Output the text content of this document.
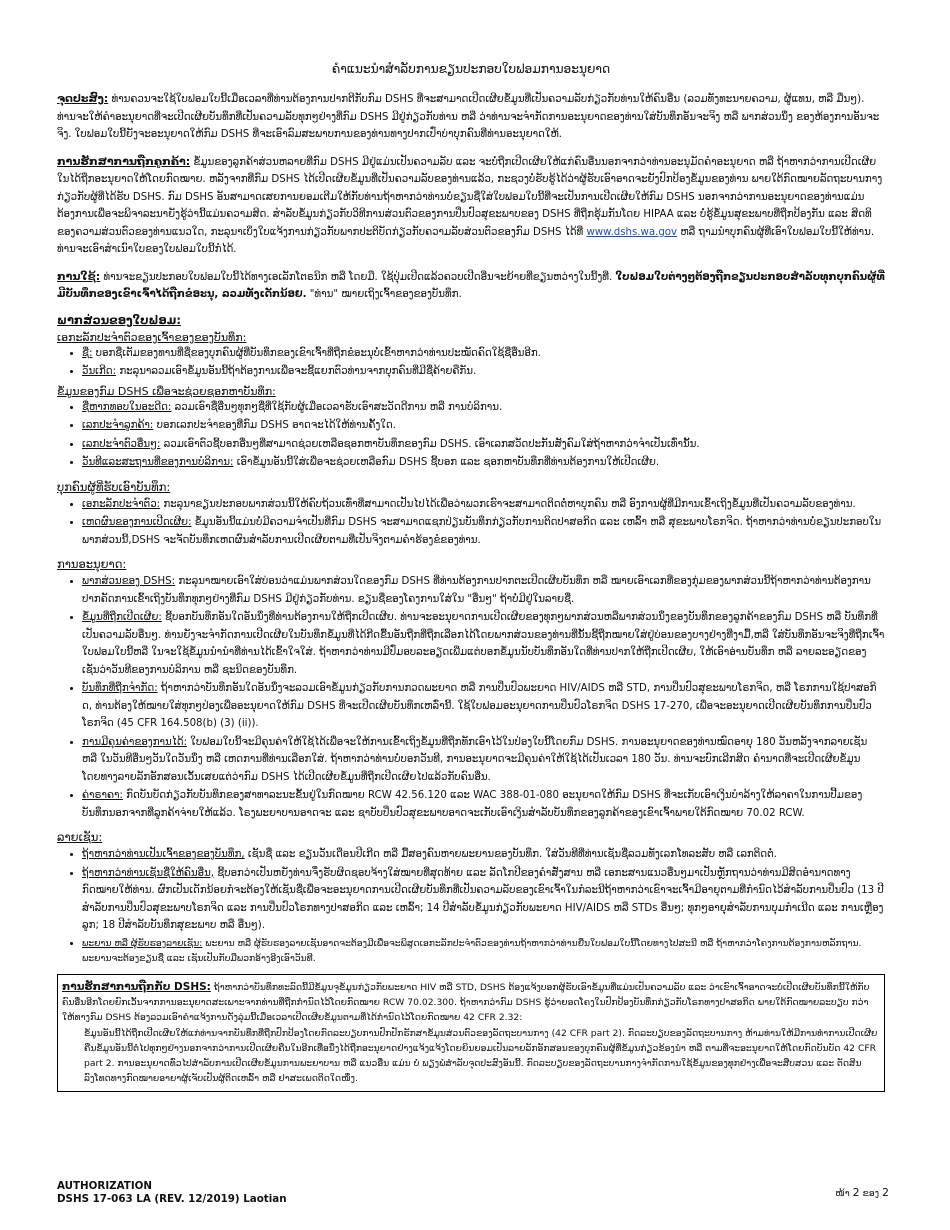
ຄຳແນະນຳສຳລັບການຂຽນປະກອບໃບຟອມການອະນຸຍາດ

ຈຸດປະສົງ: ທ່ານຄວນຈະໃຊ້ໃບຟອມໃບນີ້ເມື່ອເວລາທີ່ທ່ານຕ້ອງການປາກຕີກັບກົມ DSHS ທີ່ຈະສາມາດເປີດເຜີຍຂໍ້ມູນທີ່ເປັນຄວາມລັບກ່ຽວກັບທ່ານໃຫ້ຄົນອື່ນ (ລວມທັງທະນາຍຄວາມ, ຜູ້ແທນ, ຫລື ມື່ນໆ). ທ່ານຈະໃຫ້ຄຳອະນຸຍາດທີ່ຈະເປີດເຜີຍບັນທຶກທີ່ເປັນຄວາມລັບທຸກໆຢ່າງທີ່ກົມ DSHS ມີຢູ່ກ່ຽວກັບທ່ານ ຫລື ວ່າທ່ານຈະຈຳກັດການອະນຸຍາດຂອງທ່ານໃສ່ບັນທຶກອັນຈະຈິງ ຫລື ພາກສ່ວນນຶ່ງ ຂອງຫ້ອງການອັນຈະຈິງ. ໃບຟອມໃບນີ້ຍັງຈະອະນຸຍາດໃຫ້ກົມ DSHS ທີ່ຈະເອົາລົມສະພາບການຂອງທ່ານທາງປາກເປົ່າບ່າບຸກຄົນທີ່ທ່ານອະນຸຍາດໃຫ້.

ການຮັກສາການຖືກຄູກຄ້າ: ຂໍ້ມູນຂອງລູກຄ້າສ່ວນຫລາຍທີ່ກົມ DSHS ມີຢູ່ແມ່ນເປັນຄວາມລັບ ແລະ ຈະບໍ່ຖືກເປີດເຜີຍໃຫ້ແກ່ຄົນອື່ນນອກຈາກວ່າທ່ານອະນຸມັດຄຳອະນຸຍາດ ຫລື ຖ້າຫາກວ່າການເປີດເຜີຍໃນໄດ້ຖືກອະນຸຍາດໃຫ້ໂດຍກົດໝາຍ. ຫລັງຈາກທີ່ກົມ DSHS ໄດ້ເປີດເຜີຍຂໍ້ມູນທີ່ເປັນຄວາມລັບຂອງທ່ານແລ້ວ, ກະຊວງບໍ່ຮັບຮູ້ໄດ້ວ່າຜູ້ຮັບເອົາອາດຈະຍັງປົກປ້ອງຂໍ້ມູນຂອງທ່ານ ພາຍໃຕ້ກົດໝາຍລັດຖະບານກາງກ່ຽວກັບຜູ້ທີ່ໄດ້ຮັບ DSHS. ກົມ DSHS ອັນສາມາດເສຍການຍອມເຕີມໃຫ້ກັບທ່ານຖ້າຫາກວ່າທ່ານບໍ່ຂຽນຊື່ໃສ່ໃບຟອມໃບນີ້ທີ່ຈະເປັນການເປີດເຜີຍໃຫ້ກົມ DSHS ນອກຈາກວ່າການອະນຸຍາດຂອງທ່ານແມ່ນຕ້ອງການເພື່ອຈະພິຈາລະນາຍັງຮູ້ວ່ານີ້ແມ່ນຄວາມສິດ. ສຳລັບຂໍ້ມູນກ່ຽວກັບວິທີການສ່ວນຕົວຂອງການປິ່ນປົວສຸຂະພາບຂອງ DSHS ທີ່ຖືກຮຸ້ມກັນໂດຍ HIPAA ແລະ ບໍ່ຮູ້ຂໍ້ມູນສຸຂະພາບທີ່ຖືກປ້ອງກັນ ແລະ ສິດທິຂອງຄວາມສ່ວນຕົວຂອງທ່ານແນວໃດ, ກະລຸນາເບິ່ງໃບແຈ້ງການກ່ຽວກັບພາກປະຕິບັດກ່ຽວກັບຄວາມລັບສ່ວນຕົວຂອງກົມ DSHS ໄດ້ທີ່ www.dshs.wa.gov ຫລື ຖາມນຳບຸກຄົນຜູ້ທີ່ເອົາໃບຟອມໃບນີ້ໃຫ້ທ່ານ. ທ່ານຈະເອົາສຳເນົາໃບຂອງໃບຟອມໃບນີ້ກໍໄດ້.

ການໃຊ້: ທ່ານຈະຂຽນປະກອບໃບຟອມໃບນີ້ໄດ້ທາງເອເລັກໂຕຣນິກ ຫລື ໂດຍມື. ໃຊ້ປຸ່ມເປີດແລ້ວຄວບເປີດອີ່ນຈະຍ້າຍທີ່ຂຽນຫວ່າງໃນນີ້ງທີ່. ໃບຟອມໃບຕ່າງໆຕ້ອງຖືກຂຽນປະກອບສຳລັບທຸກບຸກຄົນຜູ້ທີ່ມີບັນທຶກຂອງເຂົາເຈົ້າໄດ້ຖືກຂໍອະນຸ, ລວມທັງເດັກນ້ອຍ. "ທ່ານ" ໝາຍເຖິງເຈົ້າຂອງຂອງບັນທຶກ.

ພາກສ່ວນຂອງໃບຟອມ:
ເອກະລັກປະຈຳຕົວຂອງເຈົ້າຂອງຂອງບັນທຶກ:
• ຊື່: ບອກຊື່ເຕັມຂອງທານທີ່ຊື່ຂອງບຸກຄົນຜູ້ທີ່ບັນທຶກຂອງເຂົາເຈົ້າທີ່ຖືກຂໍອະນຸບໍ່ເຂົ້າຫາກວ່າທ່ານປະໝັດຄົດໃຊ້ຊື່ອື່ນອີກ.
• ວັນເກີດ: ກະລຸນາລວມເອົາຂໍ້ມູນອັນນີ້ຖ້າຕ້ອງການເພື່ອຈະຊີ້ແຍກຕົວທ່ານຈາກບຸກຄົນທີ່ມີຊື່ຄ້າຍຄືກັນ.
ຂໍ້ມູນຂອງກົມ DSHS ເພື່ອຈະຊ່ວຍຊອກຫາບັນທຶກ:
• ຊື່ຫາກທອບໃນອະດີດ: ລວມເອົາຊື່ອື່ນໆທຸກໆຊື່ທີ່ໃຊ້ກັບຜູ້ເມື່ອເວລາຮັບເອົາສະວັດດີການ ຫລື ການບໍລິການ.
• ເລກປະຈຳລູກຄ້າ: ບອກເລກປະຈຳຂອງທີ່ກົມ DSHS ອາດຈະໄດ້ໃຫ້ທ່ານຄັ້ງໃດ.
• ເລກປະຈຳຕົວອື່ນໆ: ລວມເອົາຕົວຊີ້ບອກອື່ນໆທີ່ສາມາດຊ່ວຍເຫລືອຊອກຫາບັນທຶກຂອງກົມ DSHS. ເອົາເລກສວັດປະກັນສັງຄົມໃສ່ຖ້າຫາກວ່າຈຳເປັນເທົ່ານັ້ນ.
• ວັນທີແລະສະຖານທີ່ຂອງການບໍລິການ: ເອົາຂໍ້ມູນອັນນີ້ໃສ່ເພື່ອຈະຊ່ວຍເຫລືອກົມ DSHS ຊີ້ບອກ ແລະ ຊອກຫາບັນທຶກທີ່ທ່ານຕ້ອງການໃຫ້ເປີດເຜີຍ.
ບຸກຄົນຜູ້ທີ່ຮັບເອົາບັນທຶກ:
• ເອກະລັກປະຈຳຕົວ: ກະລຸນາຂຽນປະກອບພາກສ່ວນນີ້ໃຫ້ຄົບຖ້ວນເທົ່າທີ່ສາມາດເປັນໄປໄດ້ເພື່ອວ່າພວກເຮົາຈະສາມາດຕິດຕໍ່ຫາບຸກຄົນ ຫລື ອົງການຜູ້ທີ່ມີການເຂົ້າເຖິງຂໍ້ມູນທີ່ເປັນຄວາມລັບຂອງທ່ານ.
• ເຫດຜົນຂອງການເປີດເຜີຍ: ຂໍ້ມູນອັນນີ້ແມ່ນບໍ່ມີຄວາມຈຳເປັນທີ່ກົມ DSHS ຈະສາມາດແຊກປ່ຽນບັນທຶກກ່ຽວກັບການຕິດປາສອກິດ ແລະ ເຫລົ້າ ຫລື ສຸຂະພາບໂຣກຈິດ. ຖ້າຫາກວ່າທ່ານບໍ່ຂຽນປະກອບໃນພາກສ່ວນນີ້,DSHS ຈະຈັດບັນທຶກເຫດຜົນສຳລັບການເປີດເຜີຍຕາມທີ່ເປັນຈິງຕາມຄຳຮ້ອງຂໍຂອງທ່ານ.
ການອະນຸຍາດ:
• ພາກສ່ວນຂອງ DSHS: ກະລຸນາໝາຍເອົາໃສ່ບ່ອນວ່າແມ່ນພາກສ່ວນໃດຂອງກົມ DSHS ທີ່ທ່ານຕ້ອງການປາກຕະເປີດເຜີຍບັນທຶກ ຫລື ໝາຍເອົາເລກທີ່ຂອງກຸ່ມຂອງພາກສ່ວນນີ້ຖ້າຫາກວ່າທ່ານຕ້ອງການປາກຄັດການເຂົ້າເຖິງບັນທຶກທຸກໆຢ່າງທີ່ກົມ DSHS ມີຢູ່ກ່ຽວກັບທ່ານ. ຂຽນຊື່ຂອງໂຄງການໃສ່ໃນ "ອື່ນໆ" ຖ້າບໍ່ມີຢູ່ໃນລາຍຊື່.
• ຂໍ້ມູນທີ່ຖືກເປີດເຜີຍ: ຊີ້ບອກບັນທຶກອັນໃດອັນນຶ່ງທີ່ທ່ານຕ້ອງການໃຫ້ຖືກເປີດເຜີຍ. ທ່ານຈະອະນຸຍາດການເປີດເຜີຍຂອງທຸກໆພາກສ່ວນຫລືພາກສ່ວນນຶ່ງຂອງບັນທຶກຂອງລູກຄ້າຂອງກົມ DSHS ຫລື ບັນທຶກທີ່ເປັນຄວາມລັບອື່ນໆ. ທ່ານຍັງຈະຈຳກັດການເປີດເຜີຍໃນບັນທຶກຂໍ້ມູນທີ່ໄດ້ກີດຂື້ນອັນຖືກທີ່ຖືກເລືອກໄດ້ໂດຍພາກສ່ວນຂອງທ່ານທີ່ນັ້ນຊີ້ຖືກໝາຍໃສ່ຢູ່ບ່ອນຂອງບາງຢ່າງທີ່ງາມື້,ຫລື ໃສ່ບັນທຶກອັນຈະຈິງທີ່ຖືກເຈົ້າໃບຟອມໃບນີ້ຫລື ໃນຈະໃຊ້ຂໍ້ມູນນຳນຳທີ່ທ່ານໄດ້ເຂົ້າໃຈໃສ່. ຖ້າຫາກວ່າທ່ານມີປົ່ມອບລະອຽດເພີ່ມແຕ່ບອກຂໍ້ມູນນັບບັນທຶກອັນໃດທີ່ທ່ານປາກໃຫ້ຖືກເປີດເຜີຍ, ໃຫ້ເອົາອ່ານບັນທຶກ ຫລື ລາຍລະອຽດຂອງ ເຊັ່ນວ່າວັນທີຂອງການບໍລິການ ຫລື ຊະນິດຂອງບັນທຶກ.
• ບັນທຶກທີ່ຖືກຈຳກັດ: ຖ້າຫາກວ່າບັນທຶກອັນໃດອັນນຶ່ງຈະລວມເອົາຂໍ້ມູນກ່ຽວກັບການກວດພະຍາດ ຫລື ການປິ່ນປົວພະຍາດ HIV/AIDS ຫລື STD, ການປິ່ນປົວສຸຂະພາບໂຣກຈິດ, ຫລື ໂຣກການໃຊ້ປາສອກິດ, ທ່ານຕ້ອງໃຫ້ໝາຍໃສ່ທຸກໆປ່ອງເພື່ອອະນຸຍາດໃຫ້ກົມ DSHS ທີ່ຈະເປີດເຜີຍບັນທຶກເຫລົ່ານີ້. ໃຊ້ໃບຟອມອະນຸຍາດການປິ່ນປົວໂຣກຈິດ DSHS 17-270, ເພື່ອຈະອະນຸຍາດເປີດເຜີຍບັນທຶກການປິ່ນປົວໂຣກຈິດ (45 CFR 164.508(b) (3) (ii)).
• ການມີຄຸນຄ່າຂອງການໄດ້: ໃບຟອມໃບນີ້ຈະມີຄຸນຄ່າໃຫ້ໃຊ້ໄດ້ເພື່ອຈະໃຫ້ການເຂົ້າເຖິງຂໍ້ມູນທີ່ຖືກທັກເອົາໄວ້ໃນປ່ອງໃບນີ້ໂດຍກົມ DSHS. ການອະນຸຍາດຂອງທ່ານໝົດອາຍຸ 180 ວັນຫລັງຈາກລາຍເຊັນ ຫລື ໃນວັນທີອື່ນໆວັນໃດວັນນຶ່ງ ຫລື ເຫດການທີ່ທ່ານເລືອກໃສ່. ຖ້າຫາກວ່າທ່ານບໍ່ບອກວັນທີ, ການອະນຸຍາດຈະມີຄຸນຄ່າໃຫ້ໃຊ້ໄດ້ເປັນເວລາ 180 ວັນ. ທ່ານຈະບົກເລີກສິດ ຄຳນາດທີ່ຈະເປີດເຜີຍຂໍ້ມູນໂດຍທາງລາຍລັກອັກສອນເວັ້ນເສຍແຕ່ວ່າກົມ DSHS ໄດ້ເປີດເຜີຍຂໍ້ມູນທີ່ຖືກເປີດເຜີຍໄປແລ້ວກັບຄົນອື່ນ.
• ຄ່າຣາຄາ: ກົດບັນບັດກ່ຽວກັບບັນທຶກຂອງສາທາລະນະຂັ້ນຢູ່ໃນກົດໝາຍ RCW 42.56.120 ແລະ WAC 388-01-080 ອະນຸຍາດໃຫ້ກົມ DSHS ທີ່ຈະເກັບເອົາເງິນບຳລ້າງໃຫ້ລາຄາໃນການປີ້ມຂອງບັນທຶກນອກຈາກທີ່ລູກຄ້າຈ່າຍໃຫ້ແລ້ວ. ໂຣງພະຍາບານອາດຈະ ແລະ ຊາບັບປິ່ນປົວສຸຂະພາບອາດຈະເກັບເອົາເງິນສຳລັບບັນທຶກຂອງລູກຄ້າຂອງເຂົາເຈົ້າພາຍໃຕ້ກົດໝາຍ 70.02 RCW.
ລາຍເຊັນ:
• ຖ້າຫາກວ່າທ່ານເປັນເຈົ້າຂອງຂອງບັນທຶກ, ເຊັນຊື່ ແລະ ຂຽນວັນເດືອນປີເກີດ ຫລື ມື້ສອງຄົນຫາຍພະຍານຂອງບັນທຶກ. ໃສ່ວັນທີທີ່ທ່ານເຊັນຊື່ລວມທັງເລກໂທລະສັບ ຫລື ເລກຕິດຕໍ່.
• ຖ້າຫາກວ່າທ່ານເຊັນຊື່ໃຫ້ຄົນອື່ນ, ຊີ້ບອກວ່າເປັນຫຍັງທ່ານຈຶ່ງຮັບຜິດຊອບຈ້າງໃສ່ໝາຍທີ່ສຸດທ້າຍ ແລະ ລັດໂກປີຂອງຄຳສັ່ງສານ ຫລື ເອກະສານແນວອື່ນໆມາເປັນຫຼັກຖານວ່າທ່ານມີສິດອຳນາດທາງກົດໝາຍໃຫ້ທ່ານ. ຜົກເປັນເດັກນ້ອຍກໍຈະຕ້ອງໃຫ້ເຊັນຊື່ເພື່ອຈະອະນຸຍາດການເປີດເຜີຍບັນທຶກທີ່ເປັນຄວາມລັບຂອງເຂົາເຈົ້າໃນກໍລະນີຖ້າຫາກວ່າເຂົາຈະເຈົ້າມີອາຍຸຕາມທີ່ກຳນົດໄວ້ສຳລັບການປິ່ນປົວ (13 ປີສຳລັບການປິ່ນປົວສຸຂະພາບໂຣກຈິດ ແລະ ການປິ່ນປົວໂຣກທາງປາສອກິດ ແລະ ເຫລົ້າ; 14 ປີສຳລັບຂໍ້ມູນກ່ຽວກັບພະຍາດ HIV/AIDS ຫລື STDs ອື່ນໆ; ທຸກໆອາຍຸສຳລັບການບຸມກຳເນີດ ແລະ ການເຫຼືອງລູກ; 18 ປີສຳລັບບັນທຶກສຸຂະພາບ ຫລື ອື່ນໆ).
• ພະຍານ ຫລື ຜູ້ຮັບຮອງລາຍເຊັນ: ພະຍານ ຫລື ຜູ້ຮັບຮອງລາຍເຊັນອາດຈະຕ້ອງມີເພື່ອຈະພິສູດເອກະລັກປະຈຳຕົວຂອງທ່ານຖ້າຫາກວ່າທ່ານຍື່ນໃບຟອມໃບນີ້ໂດຍທາງໄປສະນີ ຫລື ຖ້າຫາກວ່າໂຄງການຕ້ອງການຫລັກຖານ. ພະຍານຈະຕ້ອງຂຽນຊື່ ແລະ ເຊັນເປັນກັບມືພວກອ້າງອີງເອົາວັນທີ.
ການຮັກສາການຖືກກັບ DSHS: ຖ້າຫາກວ່າບັນທຶກທະລົດນີ້ມີຂໍ້ມູນຈຸຂໍ້ມູນກ່ຽວກັບພະຍາດ HIV ຫລື STD, DSHS ຕ້ອງແຈ້ງບອກຜູ້ຮັບເອົາຂໍ້ມູນທີ່ແມ່ນເປັນຄວາມລັບ ແລະ ວ່າເຂົາເຈົ້າອາດຈະບໍ່ເປີດເຜີຍບັນທຶກນີ້ໃຫ້ກັບຄົນອື່ນອີກໂດຍຍົກເວັ້ນຈາກການອະນຸຍາດສະເພາະຈາກທ່ານທີ່ຖືກກຳນົດໄວ້ໂດຍກົດໝາຍ RCW 70.02.300. ຖ້າຫາກວ່າກົມ DSHS ຮູ້ວ່າຍອດໂຄງໃນປົກປ້ອງບັນທຶກກ່ຽວກັບໂຣກທາງປາສອກິດ ພາຍໃຕ້ກົດໝາຍລະບຽບ ກວ່າໃຫ້ທາງກົມ DSHS ຕ້ອງລວມເອົາຄຳແຈ້ງການດັ່ງລຸ່ມນີ້ເມື່ອເວລາເປີດເຜີຍຂໍ້ມູນຕາມທີ່ໄດ້ກຳນົດໄວ້ໂດຍກົດໝາຍ 42 CFR 2.32:
ຂໍ້ມູນອັນນີ້ໄດ້ຖືກເປີດເຜີຍໃຫ້ແກ່ທ່ານຈາກບັນທຶກທີ່ຖືກປົກປ້ອງໂດຍກົດລະບຽບການປົກປັກຮັກສາຂໍ້ມູນສ່ວນຕົວຂອງລັດຖະບານກາງ (42 CFR part 2). ກົດລະບຽບຂອງລັດຖະບານກາງ ຫ້າມທ່ານໃຫ້ມີການທຳການເປີດເຜີຍຄືນຂໍ້ມູນອັນນີ້ຕໍ່ໄປທຸກໆຢ່າງນອກຈາກວ່າການເປີດເຜີຍຄືນໃນອີກເທື່ອນຶ່ງໄດ້ຖືກອະນຸຍາດຢ່າງແຈ້ງແຈ້ງໂດຍຍິນຍອມເປັນລາຍລັກອັກສອນຂອງບຸກຄົນຜູ້ທີ່ຂໍ້ມູນກ່ຽວຂ້ອງນຳ ຫລື ຕາມທີ່ຈະອະນຸຍາດໃຫ້ໂດຍກົດບັນບັດ 42 CFR part 2. ການອະນຸຍາດທົ່ວໄປສຳລັບການເປີດເຜີຍຂໍ້ມູນການພະຍາບານ ຫລື ແນວອື່ນ ແມ່ນ ບໍ່ ພຽງພໍສຳລັບຈຸດປະສົງອັນນີ້. ກົດລະບຽບຂອງລັດຖະບານກາງຈຳກັດການໃຊ້ຂໍ້ມູນຂອງທຸກຢ່າງເພື່ອຈະສືບສວນ ແລະ ຕັດສິນລົງໂທດທາງກົດໝາຍອາຍາຜູ້ເຈັບເປັນຜູ້ຕິດເຫລົ້າ ຫລື ຢາສະເພດຕິດໃດໜຶ່ງ.
AUTHORIZATION
DSHS 17-063 LA (REV. 12/2019) Laotian	ໜ້າ 2 ຂອງ 2
